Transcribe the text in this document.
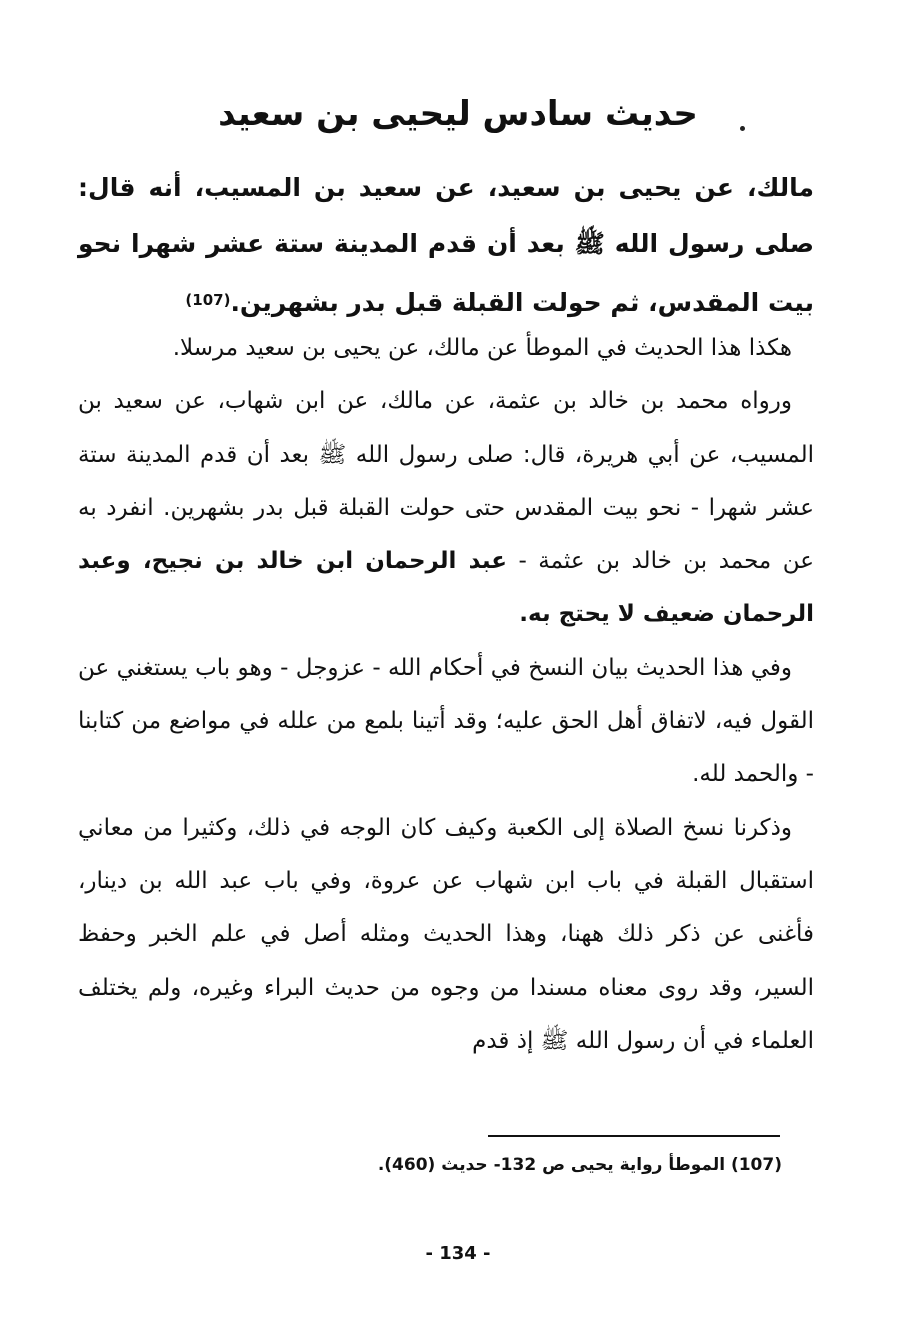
حديث سادس ليحيى بن سعيد
مالك، عن يحيى بن سعيد، عن سعيد بن المسيب، أنه قال: صلى رسول الله ﷺ بعد أن قدم المدينة ستة عشر شهرا نحو بيت المقدس، ثم حولت القبلة قبل بدر بشهرين.$^{(107)}$

هكذا هذا الحديث في الموطأ عن مالك، عن يحيى بن سعيد مرسلا.

ورواه محمد بن خالد بن عثمة، عن مالك، عن ابن شهاب، عن سعيد بن المسيب، عن أبي هريرة، قال: صلى رسول الله ﷺ بعد أن قدم المدينة ستة عشر شهرا - نحو بيت المقدس حتى حولت القبلة قبل بدر بشهرين. انفرد به عن محمد بن خالد بن عثمة - عبد الرحمان ابن خالد بن نجيح، وعبد الرحمان ضعيف لا يحتج به.

وفي هذا الحديث بيان النسخ في أحكام الله - عزوجل - وهو باب يستغني عن القول فيه، لاتفاق أهل الحق عليه؛ وقد أتينا بلمع من علله في مواضع من كتابنا - والحمد لله.

وذكرنا نسخ الصلاة إلى الكعبة وكيف كان الوجه في ذلك، وكثيرا من معاني استقبال القبلة في باب ابن شهاب عن عروة، وفي باب عبد الله بن دينار، فأغنى عن ذكر ذلك ههنا، وهذا الحديث ومثله أصل في علم الخبر وحفظ السير، وقد روى معناه مسندا من وجوه من حديث البراء وغيره، ولم يختلف العلماء في أن رسول الله ﷺ إذ قدم

(107) الموطأ رواية يحيى ص 132- حديث (460).
- 134 -
